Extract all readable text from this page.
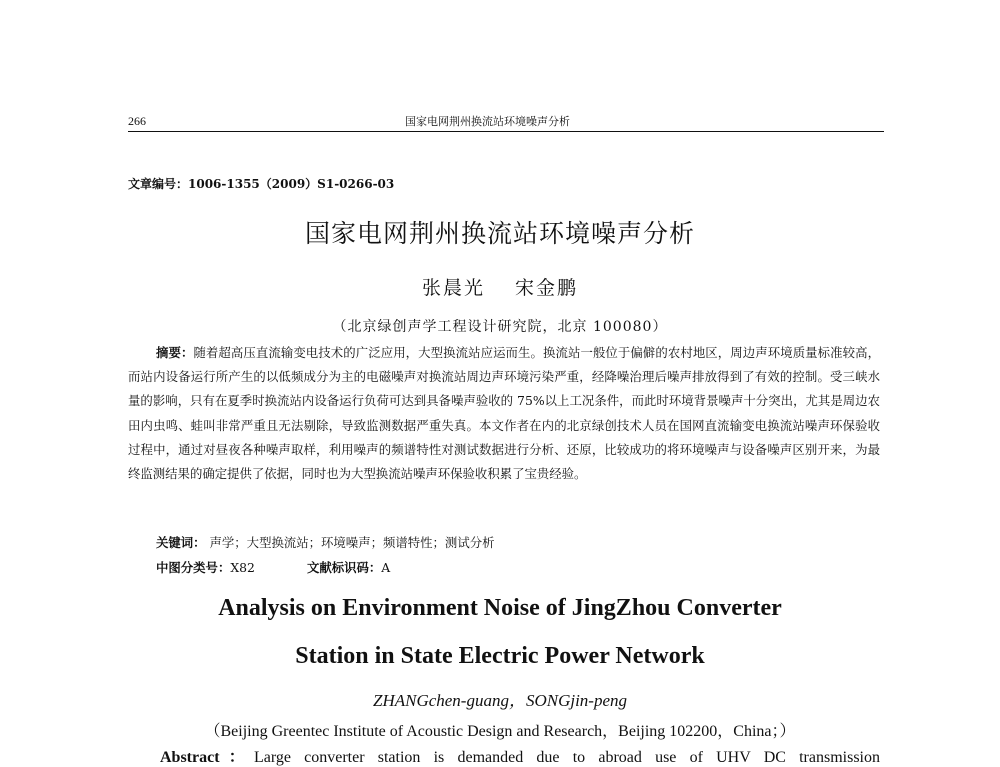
266	国家电网荆州换流站环境噪声分析
文章编号：1006-1355（2009）S1-0266-03
国家电网荆州换流站环境噪声分析
张晨光 宋金鹏
（北京绿创声学工程设计研究院，北京 100080）
摘要：随着超高压直流输变电技术的广泛应用，大型换流站应运而生。换流站一般位于偏僻的农村地区，周边声环境质量标准较高，而站内设备运行所产生的以低频成分为主的电磁噪声对换流站周边声环境污染严重，经降噪治理后噪声排放得到了有效的控制。受三峡水量的影响，只有在夏季时换流站内设备运行负荷可达到具备噪声验收的 75%以上工况条件，而此时环境背景噪声十分突出，尤其是周边农田内虫鸣、蛙叫非常严重且无法剔除，导致监测数据严重失真。本文作者在内的北京绿创技术人员在国网直流输变电换流站噪声环保验收过程中，通过对昼夜各种噪声取样，利用噪声的频谱特性对测试数据进行分析、还原，比较成功的将环境噪声与设备噪声区别开来，为最终监测结果的确定提供了依据，同时也为大型换流站噪声环保验收积累了宝贵经验。
关键词： 声学；大型换流站；环境噪声；频谱特性；测试分析
中图分类号：X82	文献标识码：A
Analysis on Environment Noise of JingZhou Converter
Station in State Electric Power Network
ZHANGchen-guang，SONGjin-peng
（Beijing Greentec Institute of Acoustic Design and Research，Beijing 102200，China；）
Abstract：Large converter station is demanded due to abroad use of UHV DC transmission
